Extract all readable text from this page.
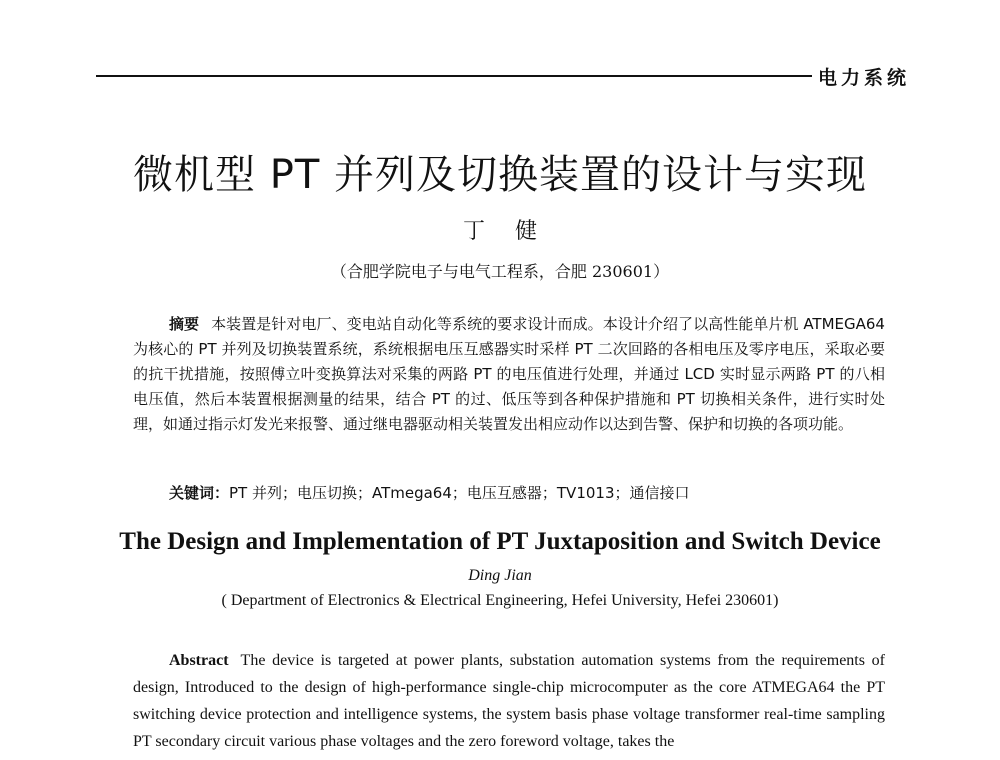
电力系统
微机型 PT 并列及切换装置的设计与实现
丁健
（合肥学院电子与电气工程系，合肥 230601）

摘要 本装置是针对电厂、变电站自动化等系统的要求设计而成。本设计介绍了以高性能单片机 ATMEGA64 为核心的 PT 并列及切换装置系统，系统根据电压互感器实时采样 PT 二次回路的各相电压及零序电压，采取必要的抗干扰措施，按照傅立叶变换算法对采集的两路 PT 的电压值进行处理，并通过 LCD 实时显示两路 PT 的八相电压值，然后本装置根据测量的结果，结合 PT 的过、低压等到各种保护措施和 PT 切换相关条件，进行实时处理，如通过指示灯发光来报警、通过继电器驱动相关装置发出相应动作以达到告警、保护和切换的各项功能。

关键词：PT 并列；电压切换；ATmega64；电压互感器；TV1013；通信接口
The Design and Implementation of PT Juxtaposition and Switch Device
Ding Jian
( Department of Electronics & Electrical Engineering, Hefei University, Hefei 230601)

Abstract The device is targeted at power plants, substation automation systems from the requirements of design, Introduced to the design of high-performance single-chip microcomputer as the core ATMEGA64 the PT switching device protection and intelligence systems, the system basis phase voltage transformer real-time sampling PT secondary circuit various phase voltages and the zero foreword voltage, takes the
